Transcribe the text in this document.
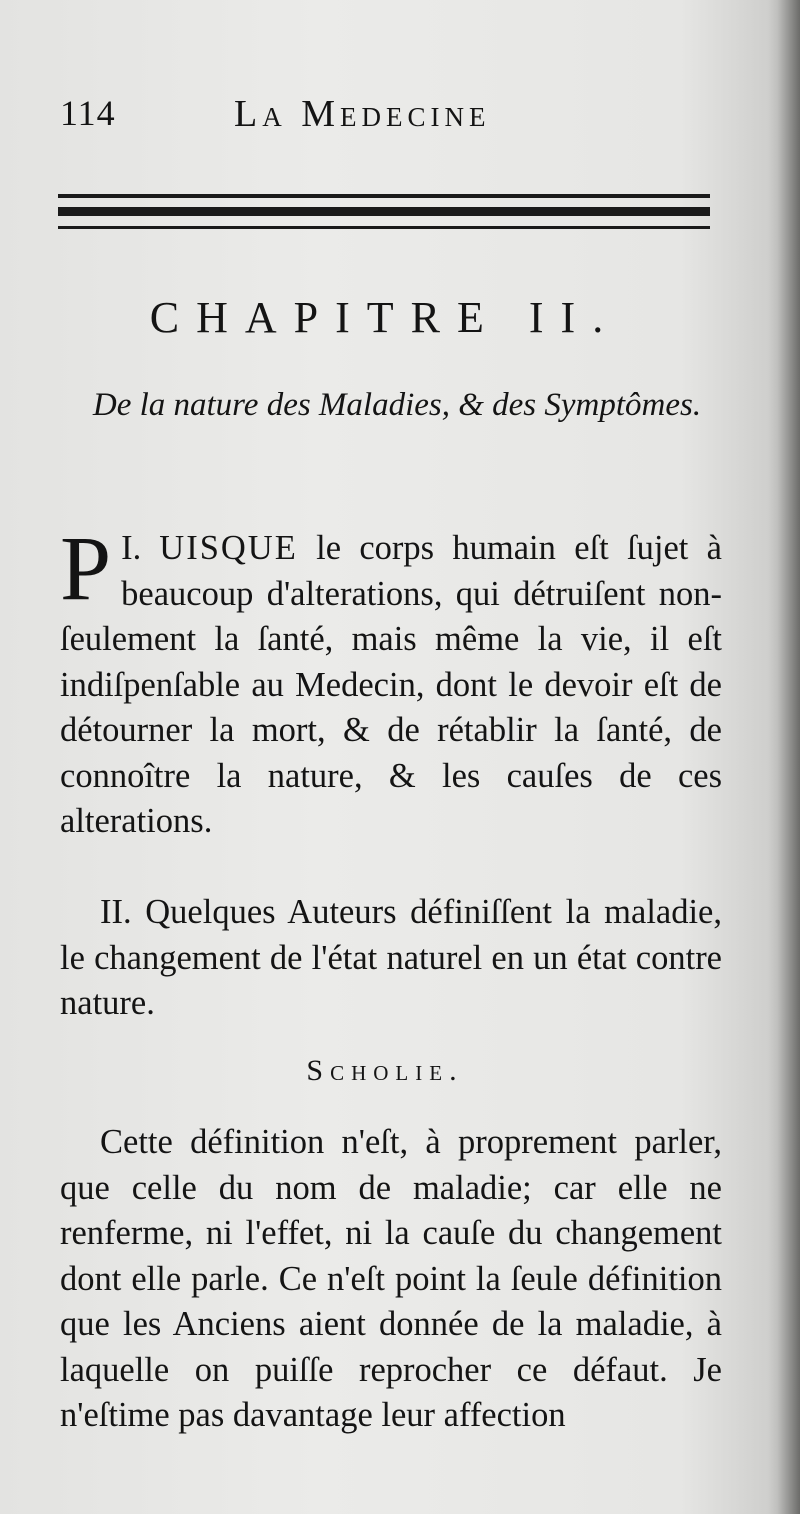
114	La Medecine
CHAPITRE II.
De la nature des Maladies, & des Symptômes.
I.
P UISQUE le corps humain eſt ſujet à beaucoup d'alterations, qui détruiſent non-ſeulement la ſanté, mais même la vie, il eſt indiſpenſable au Medecin, dont le devoir eſt de détourner la mort, & de rétablir la ſanté, de connoître la nature, & les cauſes de ces alterations.
II. Quelques Auteurs définiſſent la maladie, le changement de l'état naturel en un état contre nature.
Scholie.
Cette définition n'eſt, à proprement parler, que celle du nom de maladie; car elle ne renferme, ni l'effet, ni la cauſe du changement dont elle parle. Ce n'eſt point la ſeule définition que les Anciens aient donnée de la maladie, à laquelle on puiſſe reprocher ce défaut. Je n'eſtime pas davantage leur affection
